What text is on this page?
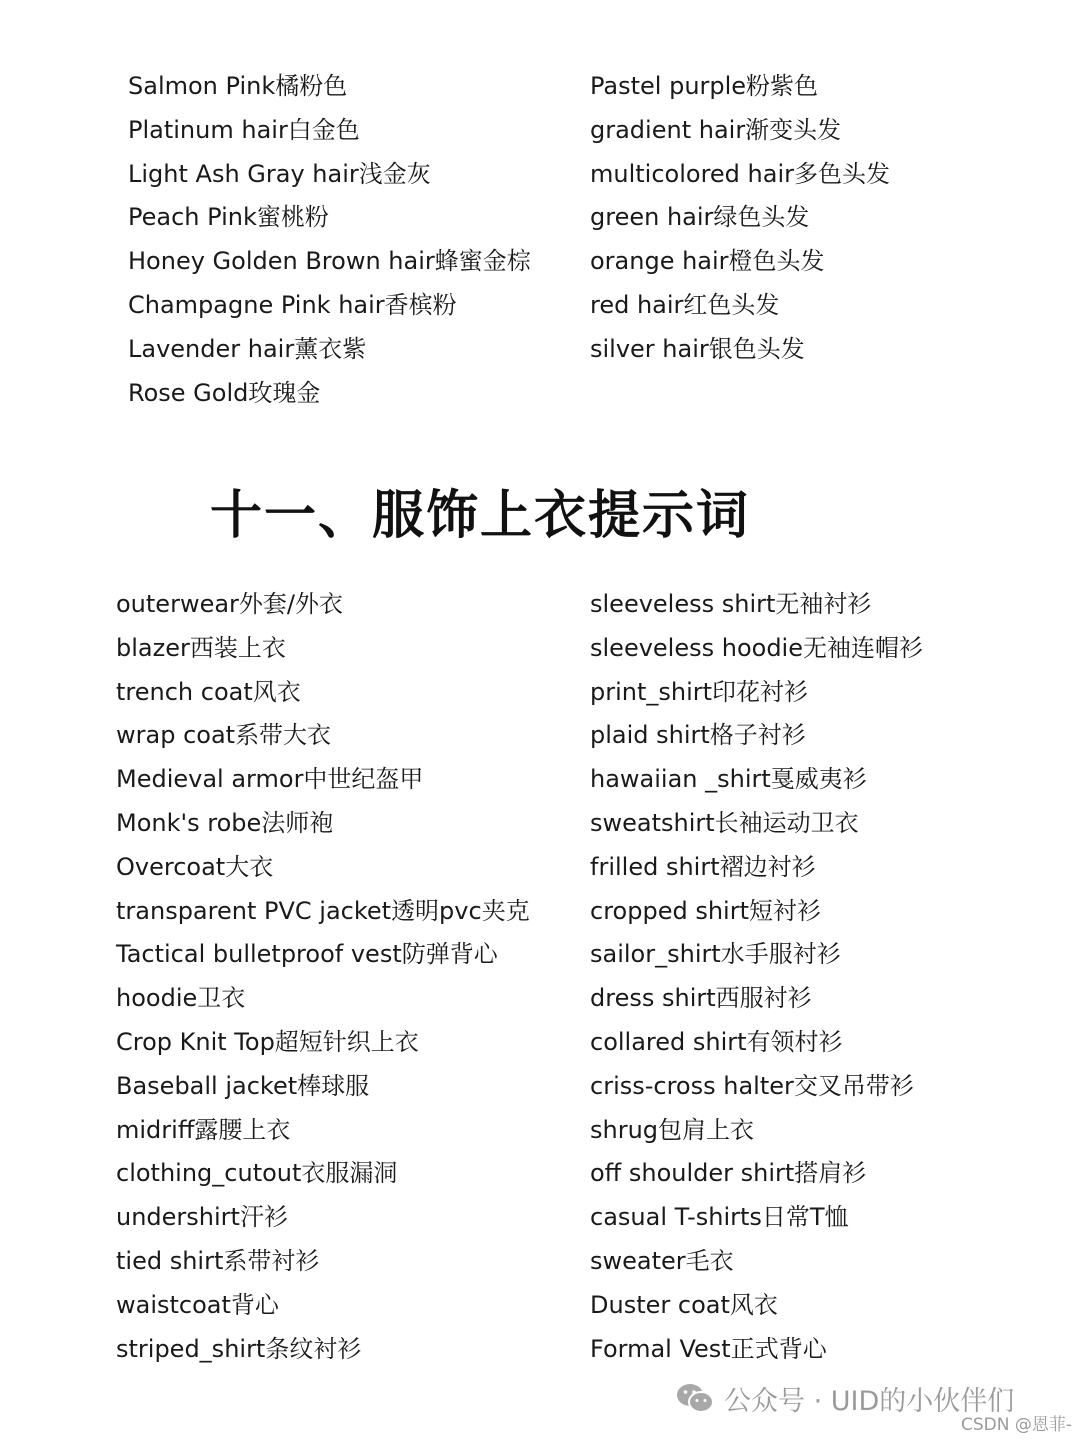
Salmon Pink橘粉色
Platinum hair白金色
Light Ash Gray hair浅金灰
Peach Pink蜜桃粉
Honey Golden Brown hair蜂蜜金棕
Champagne Pink hair香槟粉
Lavender hair薰衣紫
Rose Gold玫瑰金
Pastel purple粉紫色
gradient hair渐变头发
multicolored hair多色头发
green hair绿色头发
orange hair橙色头发
red hair红色头发
silver hair银色头发
十一、服饰上衣提示词
outerwear外套/外衣
blazer西装上衣
trench coat风衣
wrap coat系带大衣
Medieval armor中世纪盔甲
Monk's robe法师袍
Overcoat大衣
transparent PVC jacket透明pvc夹克
Tactical bulletproof vest防弹背心
hoodie卫衣
Crop Knit Top超短针织上衣
Baseball jacket棒球服
midriff露腰上衣
clothing_cutout衣服漏洞
undershirt汗衫
tied shirt系带衬衫
waistcoat背心
striped_shirt条纹衬衫
sleeveless shirt无袖衬衫
sleeveless hoodie无袖连帽衫
print_shirt印花衬衫
plaid shirt格子衬衫
hawaiian _shirt戛威夷衫
sweatshirt长袖运动卫衣
frilled shirt褶边衬衫
cropped shirt短衬衫
sailor_shirt水手服衬衫
dress shirt西服衬衫
collared shirt有领村衫
criss-cross halter交叉吊带衫
shrug包肩上衣
off shoulder shirt搭肩衫
casual T-shirts日常T恤
sweater毛衣
Duster coat风衣
Formal Vest正式背心
公众号 · UID的小伙伴们
CSDN @恩菲-
